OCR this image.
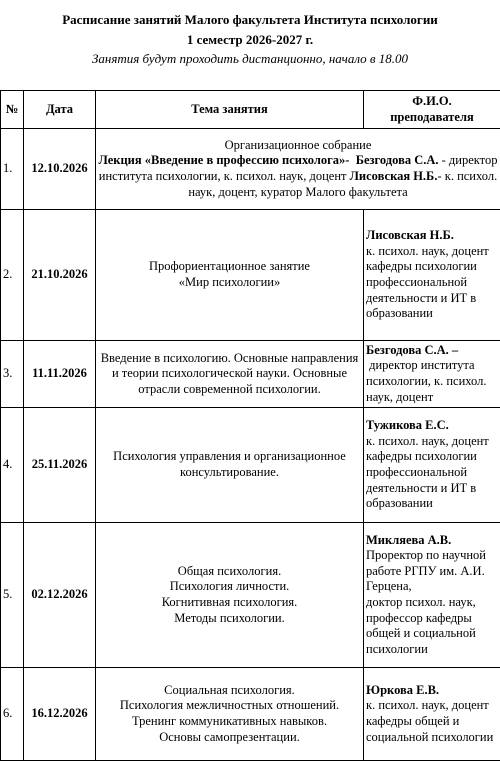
Расписание занятий Малого факультета Института психологии
1 семестр 2026-2027 г.
Занятия будут проходить дистанционно, начало в 18.00
№	Дата	Тема занятия	Ф.И.О.
преподавателя
1.	12.10.2026	Организационное собрание
Лекция «Введение в профессию психолога»- Безгодова С.А. - директор института психологии, к. психол. наук, доцент Лисовская Н.Б.- к. психол. наук, доцент, куратор Малого факультета	
2.	21.10.2026	Профориентационное занятие
«Мир психологии»	Лисовская Н.Б.
к. психол. наук, доцент кафедры психологии профессиональной деятельности и ИТ в образовании
3.	11.11.2026	Введение в психологию. Основные направления и теории психологической науки. Основные отрасли современной психологии.	Безгодова С.А. –
директор института психологии, к. психол. наук, доцент
4.	25.11.2026	Психология управления и организационное консультирование.	Тужикова Е.С.
к. психол. наук, доцент кафедры психологии профессиональной деятельности и ИТ в образовании
5.	02.12.2026	Общая психология.
Психология личности.
Когнитивная психология.
Методы психологии.	Микляева А.В.
Проректор по научной работе РГПУ им. А.И. Герцена,
доктор психол. наук, профессор кафедры общей и социальной психологии
6.	16.12.2026	Социальная психология.
Психология межличностных отношений.
Тренинг коммуникативных навыков.
Основы самопрезентации.	Юркова Е.В.
к. психол. наук, доцент кафедры общей и социальной психологии
